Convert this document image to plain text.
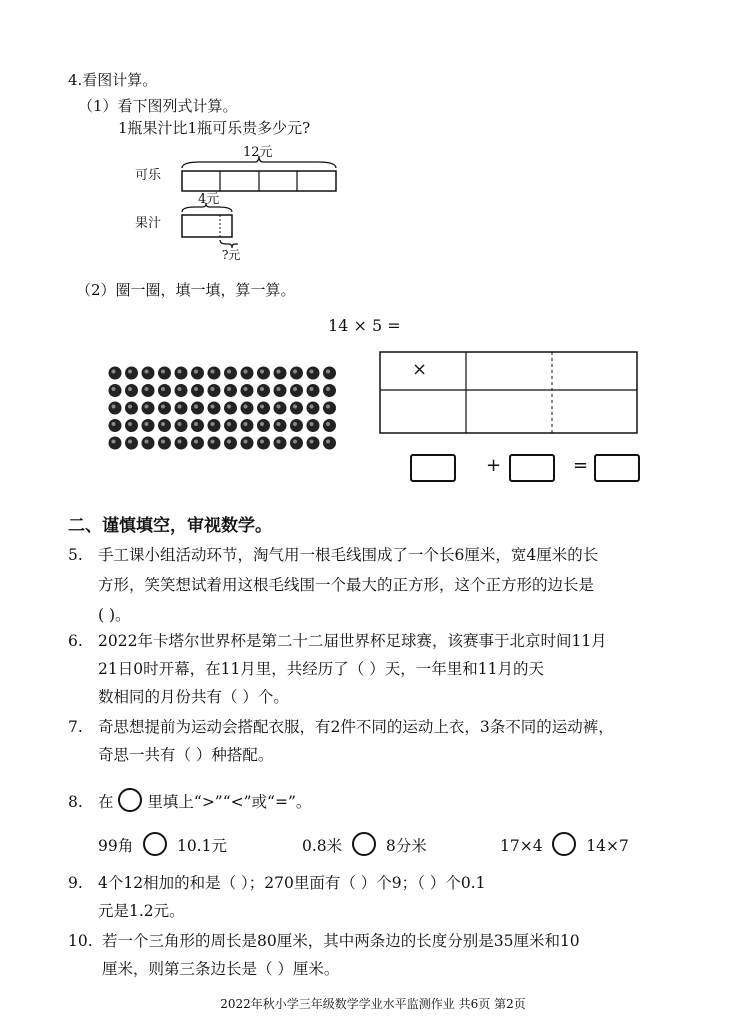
4.看图计算。
（1）看下图列式计算。
1瓶果汁比1瓶可乐贵多少元?
可乐
12元
果汁
4元
?元
（2）圈一圈，填一填，算一算。
14 × 5 =
×
+	=
二、谨慎填空，审视数学。
5. 手工课小组活动环节，淘气用一根毛线围成了一个长6厘米，宽4厘米的长
方形，笑笑想试着用这根毛线围一个最大的正方形，这个正方形的边长是
( )。
6. 2022年卡塔尔世界杯是第二十二届世界杯足球赛，该赛事于北京时间11月
21日0时开幕，在11月里，共经历了（ ）天，一年里和11月的天
数相同的月份共有（ ）个。
7. 奇思想提前为运动会搭配衣服，有2件不同的运动上衣，3条不同的运动裤，
奇思一共有（ ）种搭配。
8. 在 里填上“>”“<”或“=”。
99角	10.1元	0.8米	8分米	17×4	14×7
9. 4个12相加的和是（ ）；270里面有（ ）个9；（ ）个0.1
元是1.2元。
10. 若一个三角形的周长是80厘米，其中两条边的长度分别是35厘米和10
厘米，则第三条边长是（ ）厘米。
2022年秋小学三年级数学学业水平监测作业 共6页 第2页
